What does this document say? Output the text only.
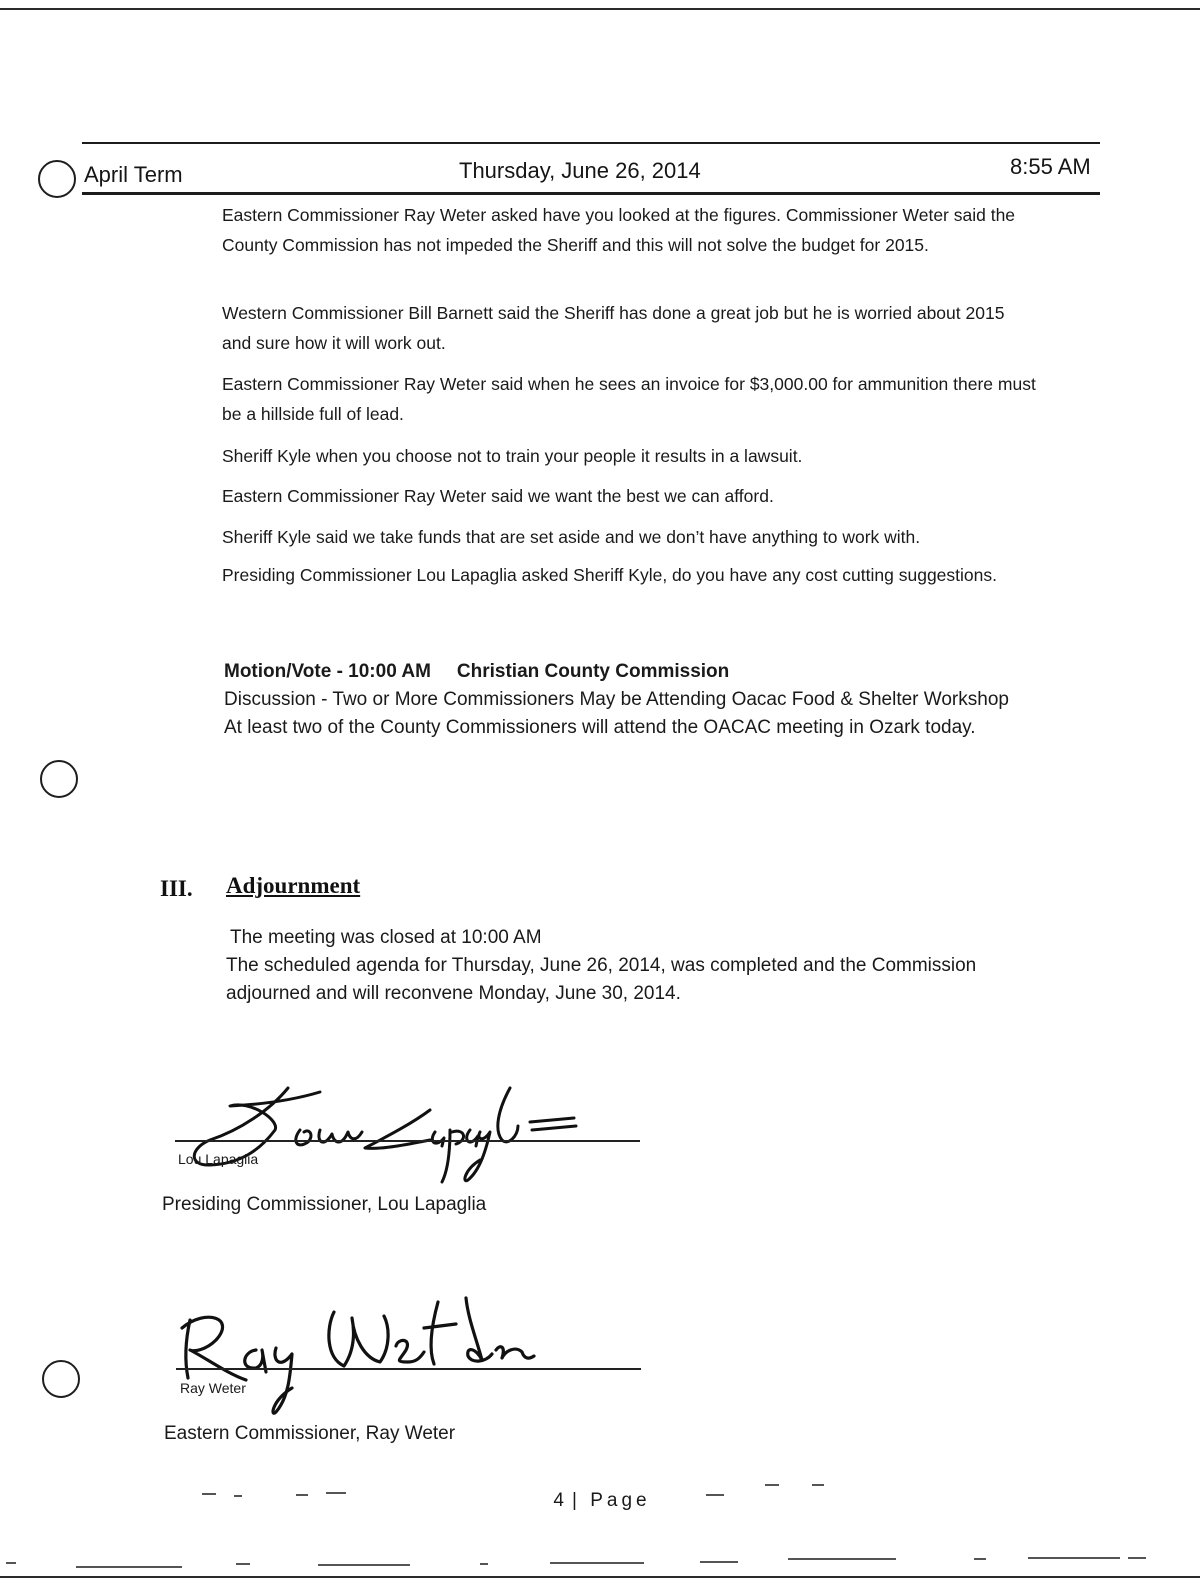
April Term	Thursday, June 26, 2014	8:55 AM

Eastern Commissioner Ray Weter asked have you looked at the figures. Commissioner Weter said the County Commission has not impeded the Sheriff and this will not solve the budget for 2015.

Western Commissioner Bill Barnett said the Sheriff has done a great job but he is worried about 2015 and sure how it will work out.

Eastern Commissioner Ray Weter said when he sees an invoice for $3,000.00 for ammunition there must be a hillside full of lead.

Sheriff Kyle when you choose not to train your people it results in a lawsuit.

Eastern Commissioner Ray Weter said we want the best we can afford.

Sheriff Kyle said we take funds that are set aside and we don’t have anything to work with.

Presiding Commissioner Lou Lapaglia asked Sheriff Kyle, do you have any cost cutting suggestions.

Motion/Vote - 10:00 AM Christian County Commission
Discussion - Two or More Commissioners May be Attending Oacac Food & Shelter Workshop
At least two of the County Commissioners will attend the OACAC meeting in Ozark today.
III. Adjournment
The meeting was closed at 10:00 AM
The scheduled agenda for Thursday, June 26, 2014, was completed and the Commission adjourned and will reconvene Monday, June 30, 2014.
Lou Lapaglia
Presiding Commissioner, Lou Lapaglia
Ray Weter
Eastern Commissioner, Ray Weter
4 | Page
